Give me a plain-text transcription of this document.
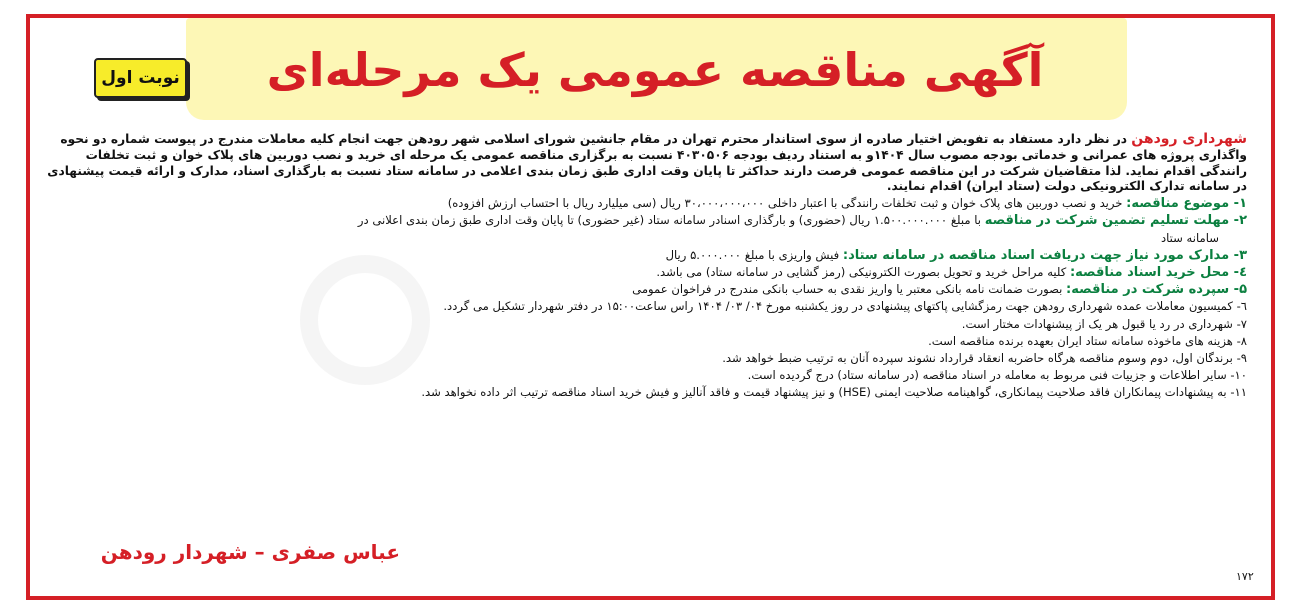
آگهی مناقصه عمومی یک مرحله‌ای
نوبت اول

شهرداری رودهن در نظر دارد مستفاد به تفویض اختیار صادره از سوی استاندار محترم تهران در مقام جانشین شورای اسلامی شهر رودهن جهت انجام کلیه معاملات مندرج در پیوست شماره دو نحوه واگذاری پروژه های عمرانی و خدماتی بودجه مصوب سال ۱۴۰۴و به استناد ردیف بودجه ۴۰۳۰۵۰۶ نسبت به برگزاری مناقصه عمومی یک مرحله ای خرید و نصب دوربین های پلاک خوان و ثبت تخلفات رانندگی اقدام نماید. لذا متقاضیان شرکت در این مناقصه عمومی فرصت دارند حداکثر تا پایان وقت اداری طبق زمان بندی اعلامی در سامانه ستاد نسبت به بارگذاری اسناد، مدارک و ارائه قیمت پیشنهادی در سامانه تدارک الکترونیکی دولت (ستاد ایران) اقدام نمایند.

۱- موضوع مناقصه: خرید و نصب دوربین های پلاک خوان و ثبت تخلفات رانندگی با اعتبار داخلی ۳۰،۰۰۰،۰۰۰،۰۰۰ ریال (سی میلیارد ریال با احتساب ارزش افزوده)

۲- مهلت تسلیم تضمین شرکت در مناقصه با مبلغ ۱.۵۰۰.۰۰۰.۰۰۰ ریال (حضوری) و بارگذاری اسنادر سامانه ستاد (غیر حضوری) تا پایان وقت اداری طبق زمان بندی اعلانی در

سامانه ستاد

۳- مدارک مورد نیاز جهت دریافت اسناد مناقصه در سامانه ستاد: فیش واریزی با مبلغ ۵.۰۰۰.۰۰۰ ریال

٤- محل خرید اسناد مناقصه: کلیه مراحل خرید و تحویل بصورت الکترونیکی (رمز گشایی در سامانه ستاد) می باشد.

۵- سپرده شرکت در مناقصه: بصورت ضمانت نامه بانکی معتبر یا واریز نقدی به حساب بانکی مندرج در فراخوان عمومی

٦- کمیسیون معاملات عمده شهرداری رودهن جهت رمزگشایی پاکتهای پیشنهادی در روز یکشنبه مورخ ۰۴/ ۰۳/ ۱۴۰۴ راس ساعت۱۵:۰۰ در دفتر شهردار تشکیل می گردد.

۷- شهرداری در رد یا قبول هر یک از پیشنهادات مختار است.

۸- هزینه های ماخوذه سامانه ستاد ایران بعهده برنده مناقصه است.

۹- برندگان اول، دوم وسوم مناقصه هرگاه حاضربه انعقاد قرارداد نشوند سپرده آنان به ترتیب ضبط خواهد شد.

۱۰- سایر اطلاعات و جزییات فنی مربوط به معامله در اسناد مناقصه (در سامانه ستاد) درج گردیده است.

۱۱- به پیشنهادات پیمانکاران فاقد صلاحیت پیمانکاری، گواهینامه صلاحیت ایمنی (HSE) و نیز پیشنهاد قیمت و فاقد آنالیز و فیش خرید اسناد مناقصه ترتیب اثر داده نخواهد شد.

عباس صفری – شهردار رودهن
۱۷۲
